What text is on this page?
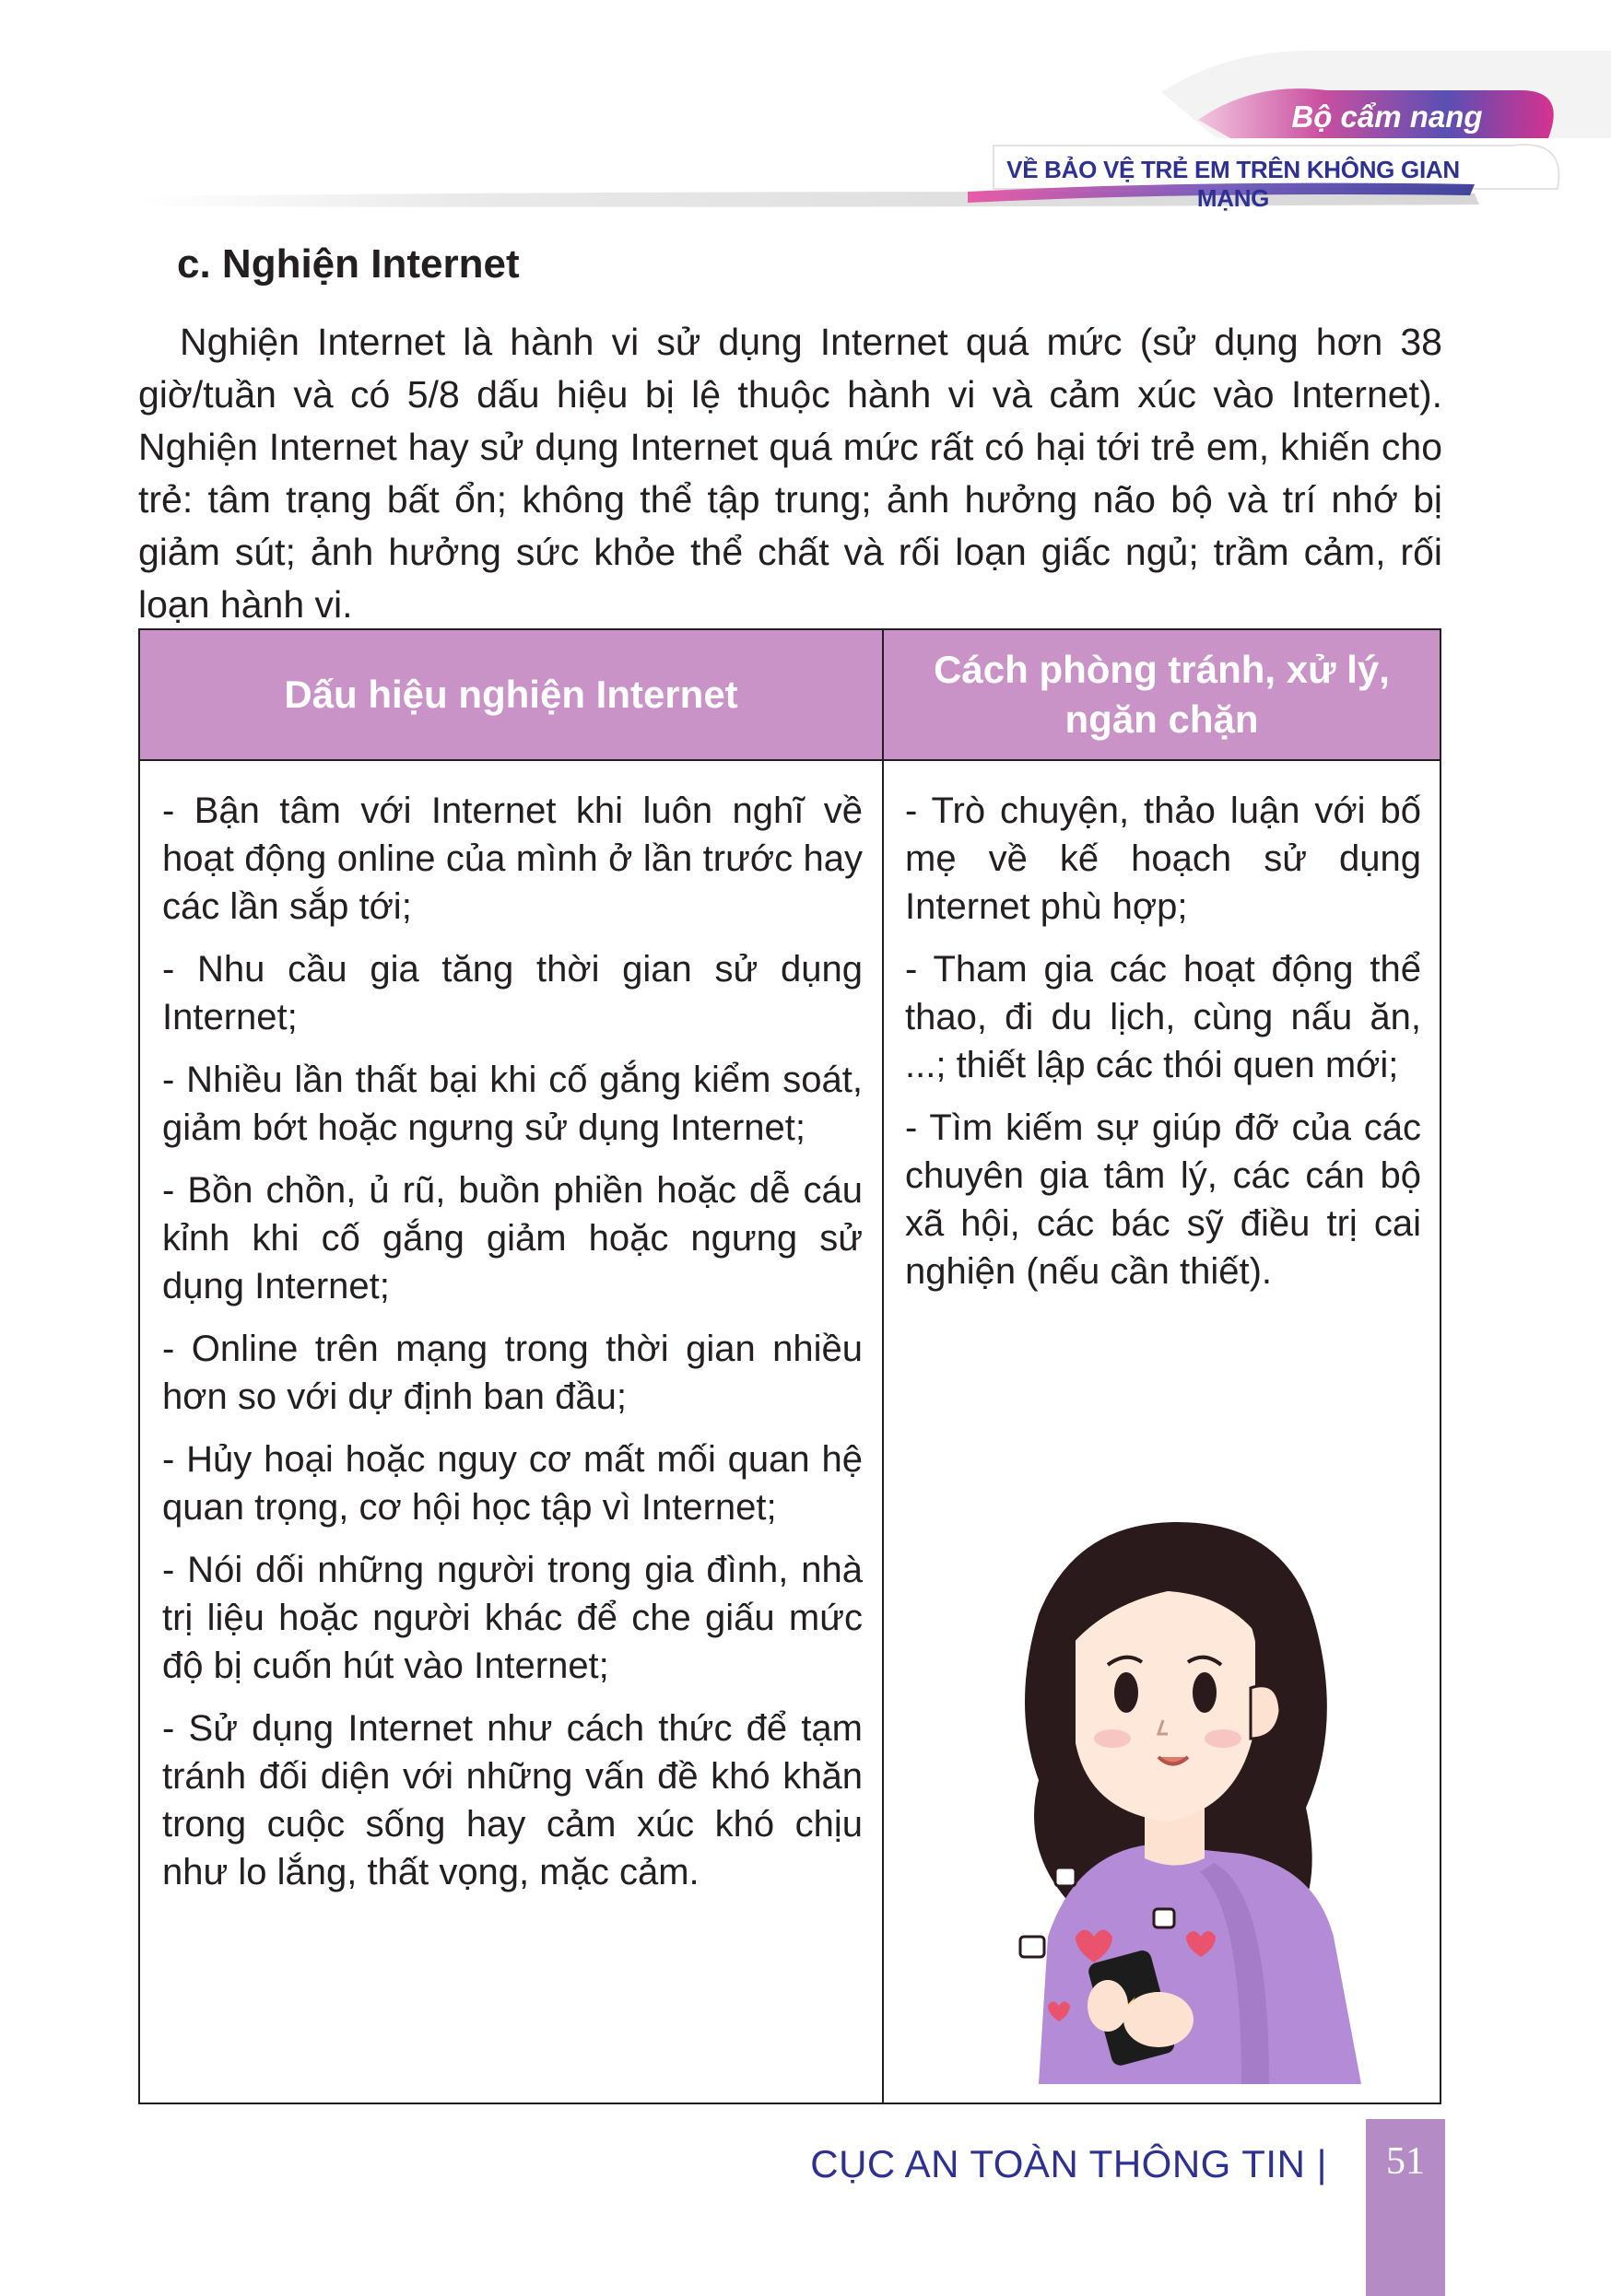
Bộ cẩm nang
VỀ BẢO VỆ TRẺ EM TRÊN KHÔNG GIAN MẠNG
c. Nghiện Internet

Nghiện Internet là hành vi sử dụng Internet quá mức (sử dụng hơn 38 giờ/tuần và có 5/8 dấu hiệu bị lệ thuộc hành vi và cảm xúc vào Internet). Nghiện Internet hay sử dụng Internet quá mức rất có hại tới trẻ em, khiến cho trẻ: tâm trạng bất ổn; không thể tập trung; ảnh hưởng não bộ và trí nhớ bị giảm sút; ảnh hưởng sức khỏe thể chất và rối loạn giấc ngủ; trầm cảm, rối loạn hành vi.

Dấu hiệu nghiện Internet
Cách phòng tránh, xử lý, ngăn chặn

- Bận tâm với Internet khi luôn nghĩ về hoạt động online của mình ở lần trước hay các lần sắp tới;

- Nhu cầu gia tăng thời gian sử dụng Internet;

- Nhiều lần thất bại khi cố gắng kiểm soát, giảm bớt hoặc ngưng sử dụng Internet;

- Bồn chồn, ủ rũ, buồn phiền hoặc dễ cáu kỉnh khi cố gắng giảm hoặc ngưng sử dụng Internet;

- Online trên mạng trong thời gian nhiều hơn so với dự định ban đầu;

- Hủy hoại hoặc nguy cơ mất mối quan hệ quan trọng, cơ hội học tập vì Internet;

- Nói dối những người trong gia đình, nhà trị liệu hoặc người khác để che giấu mức độ bị cuốn hút vào Internet;

- Sử dụng Internet như cách thức để tạm tránh đối diện với những vấn đề khó khăn trong cuộc sống hay cảm xúc khó chịu như lo lắng, thất vọng, mặc cảm.

- Trò chuyện, thảo luận với bố mẹ về kế hoạch sử dụng Internet phù hợp;

- Tham gia các hoạt động thể thao, đi du lịch, cùng nấu ăn, ...; thiết lập các thói quen mới;

- Tìm kiếm sự giúp đỡ của các chuyên gia tâm lý, các cán bộ xã hội, các bác sỹ điều trị cai nghiện (nếu cần thiết).

CỤC AN TOÀN THÔNG TIN |	51
